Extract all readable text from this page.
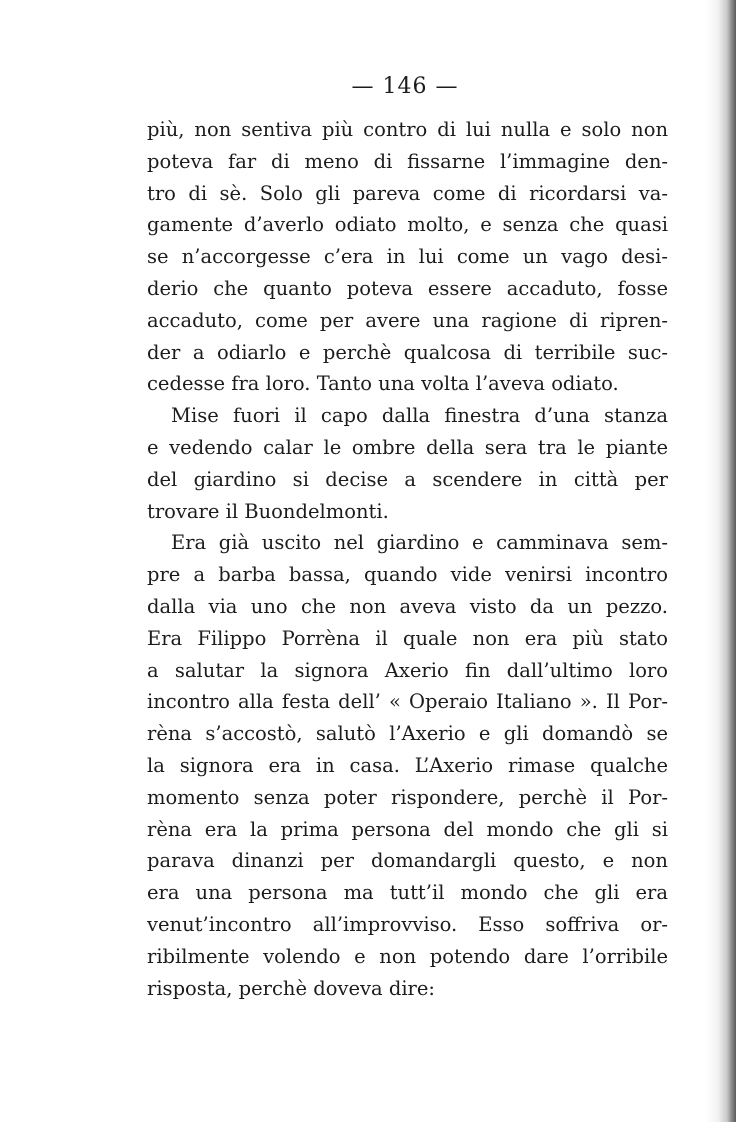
— 146 —
più, non sentiva più contro di lui nulla e solo non
poteva far di meno di fissarne l’immagine den-
tro di sè. Solo gli pareva come di ricordarsi va-
gamente d’averlo odiato molto, e senza che quasi
se n’accorgesse c’era in lui come un vago desi-
derio che quanto poteva essere accaduto, fosse
accaduto, come per avere una ragione di ripren-
der a odiarlo e perchè qualcosa di terribile suc-
cedesse fra loro. Tanto una volta l’aveva odiato.
Mise fuori il capo dalla finestra d’una stanza
e vedendo calar le ombre della sera tra le piante
del giardino si decise a scendere in città per
trovare il Buondelmonti.
Era già uscito nel giardino e camminava sem-
pre a barba bassa, quando vide venirsi incontro
dalla via uno che non aveva visto da un pezzo.
Era Filippo Porrèna il quale non era più stato
a salutar la signora Axerio fin dall’ultimo loro
incontro alla festa dell’ « Operaio Italiano ». Il Por-
rèna s’accostò, salutò l’Axerio e gli domandò se
la signora era in casa. L’Axerio rimase qualche
momento senza poter rispondere, perchè il Por-
rèna era la prima persona del mondo che gli si
parava dinanzi per domandargli questo, e non
era una persona ma tutt’il mondo che gli era
venut’incontro all’improvviso. Esso soffriva or-
ribilmente volendo e non potendo dare l’orribile
risposta, perchè doveva dire:
